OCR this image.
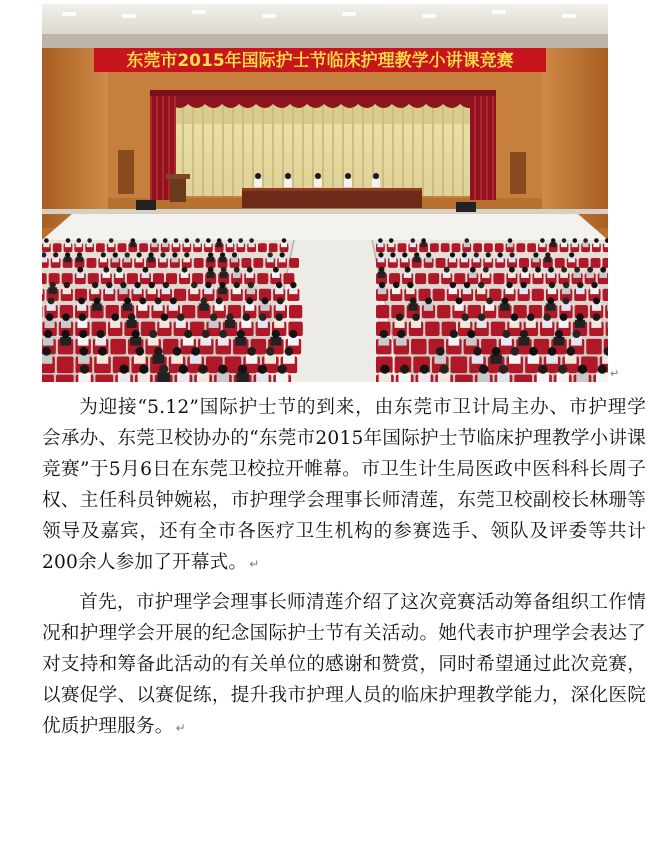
东莞市2015年国际护士节临床护理教学小讲课竞赛
↵

为迎接“5.12”国际护士节的到来，由东莞市卫计局主办、市护理学会承办、东莞卫校协办的“东莞市2015年国际护士节临床护理教学小讲课竞赛”于5月6日在东莞卫校拉开帷幕。市卫生计生局医政中医科科长周子权、主任科员钟婉崧，市护理学会理事长师清莲，东莞卫校副校长林珊等领导及嘉宾，还有全市各医疗卫生机构的参赛选手、领队及评委等共计200余人参加了开幕式。 ↵

首先，市护理学会理事长师清莲介绍了这次竞赛活动筹备组织工作情况和护理学会开展的纪念国际护士节有关活动。她代表市护理学会表达了对支持和筹备此活动的有关单位的感谢和赞赏，同时希望通过此次竞赛，以赛促学、以赛促练，提升我市护理人员的临床护理教学能力，深化医院优质护理服务。 ↵
